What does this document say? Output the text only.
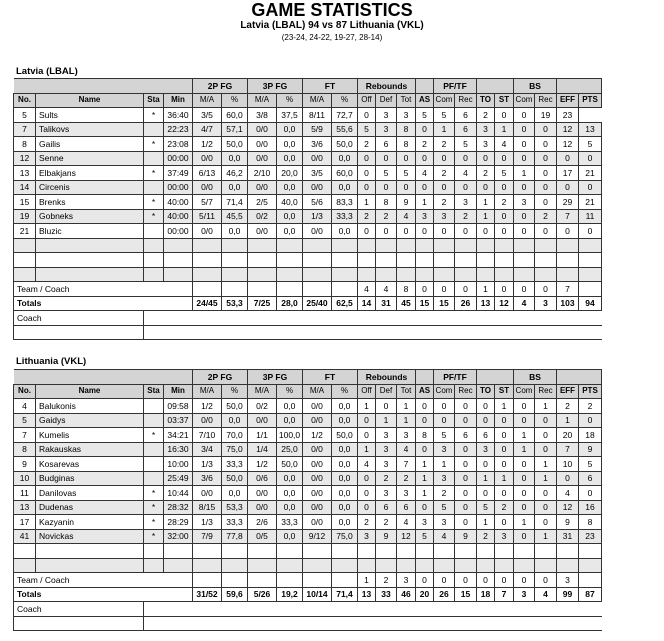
GAME STATISTICS
Latvia (LBAL) 94 vs 87 Lithuania (VKL)
(23-24, 24-22, 19-27, 28-14)
Latvia (LBAL)
				2P FG		3P FG		FT		Rebounds				PF/TF				BS			
No.	Name	Sta	Min	M/A	%	M/A	%	M/A	%	Off	Def	Tot	AS	Com	Rec	TO	ST	Com	Rec	EFF	PTS
5	Sults	*	36:40	3/5	60,0	3/8	37,5	8/11	72,7	0	3	3	5	5	6	2	0	0	19	23	
7	Talikovs		22:23	4/7	57,1	0/0	0,0	5/9	55,6	5	3	8	0	1	6	3	1	0	0	12	13
8	Gailis	*	23:08	1/2	50,0	0/0	0,0	3/6	50,0	2	6	8	2	2	5	3	4	0	0	12	5
12	Senne		00:00	0/0	0,0	0/0	0,0	0/0	0,0	0	0	0	0	0	0	0	0	0	0	0	0
13	Elbakjans	*	37:49	6/13	46,2	2/10	20,0	3/5	60,0	0	5	5	4	2	4	2	5	1	0	17	21
14	Circenis		00:00	0/0	0,0	0/0	0,0	0/0	0,0	0	0	0	0	0	0	0	0	0	0	0	0
15	Brenks	*	40:00	5/7	71,4	2/5	40,0	5/6	83,3	1	8	9	1	2	3	1	2	3	0	29	21
19	Gobneks	*	40:00	5/11	45,5	0/2	0,0	1/3	33,3	2	2	4	3	3	2	1	0	0	2	7	11
21	Bluzic		00:00	0/0	0,0	0/0	0,0	0/0	0,0	0	0	0	0	0	0	0	0	0	0	0	0

Team / Coach										4	4	8	0	0	0	1	0	0	0	7	
Totals				24/45	53,3	7/25	28,0	25/40	62,5	14	31	45	15	15	26	13	12	4	3	103	94
Coach																					

Lithuania (VKL)
				2P FG		3P FG		FT		Rebounds				PF/TF				BS			
No.	Name	Sta	Min	M/A	%	M/A	%	M/A	%	Off	Def	Tot	AS	Com	Rec	TO	ST	Com	Rec	EFF	PTS
4	Balukonis		09:58	1/2	50,0	0/2	0,0	0/0	0,0	1	0	1	0	0	0	0	1	0	1	2	2
5	Gaidys		03:37	0/0	0,0	0/0	0,0	0/0	0,0	0	1	1	0	0	0	0	0	0	0	1	0
7	Kumelis	*	34:21	7/10	70,0	1/1	100,0	1/2	50,0	0	3	3	8	5	6	6	0	1	0	20	18
8	Rakauskas		16:30	3/4	75,0	1/4	25,0	0/0	0,0	1	3	4	0	3	0	3	0	1	0	7	9
9	Kosarevas		10:00	1/3	33,3	1/2	50,0	0/0	0,0	4	3	7	1	1	0	0	0	0	1	10	5
10	Budginas		25:49	3/6	50,0	0/6	0,0	0/0	0,0	0	2	2	1	3	0	1	1	0	1	0	6
11	Danilovas	*	10:44	0/0	0,0	0/0	0,0	0/0	0,0	0	3	3	1	2	0	0	0	0	0	4	0
13	Dudenas	*	28:32	8/15	53,3	0/0	0,0	0/0	0,0	0	6	6	0	5	0	5	2	0	0	12	16
17	Kazyanin	*	28:29	1/3	33,3	2/6	33,3	0/0	0,0	2	2	4	3	3	0	1	0	1	0	9	8
41	Novickas	*	32:00	7/9	77,8	0/5	0,0	9/12	75,0	3	9	12	5	4	9	2	3	0	1	31	23

Team / Coach										1	2	3	0	0	0	0	0	0	0	3	
Totals				31/52	59,6	5/26	19,2	10/14	71,4	13	33	46	20	26	15	18	7	3	4	99	87
Coach																					
